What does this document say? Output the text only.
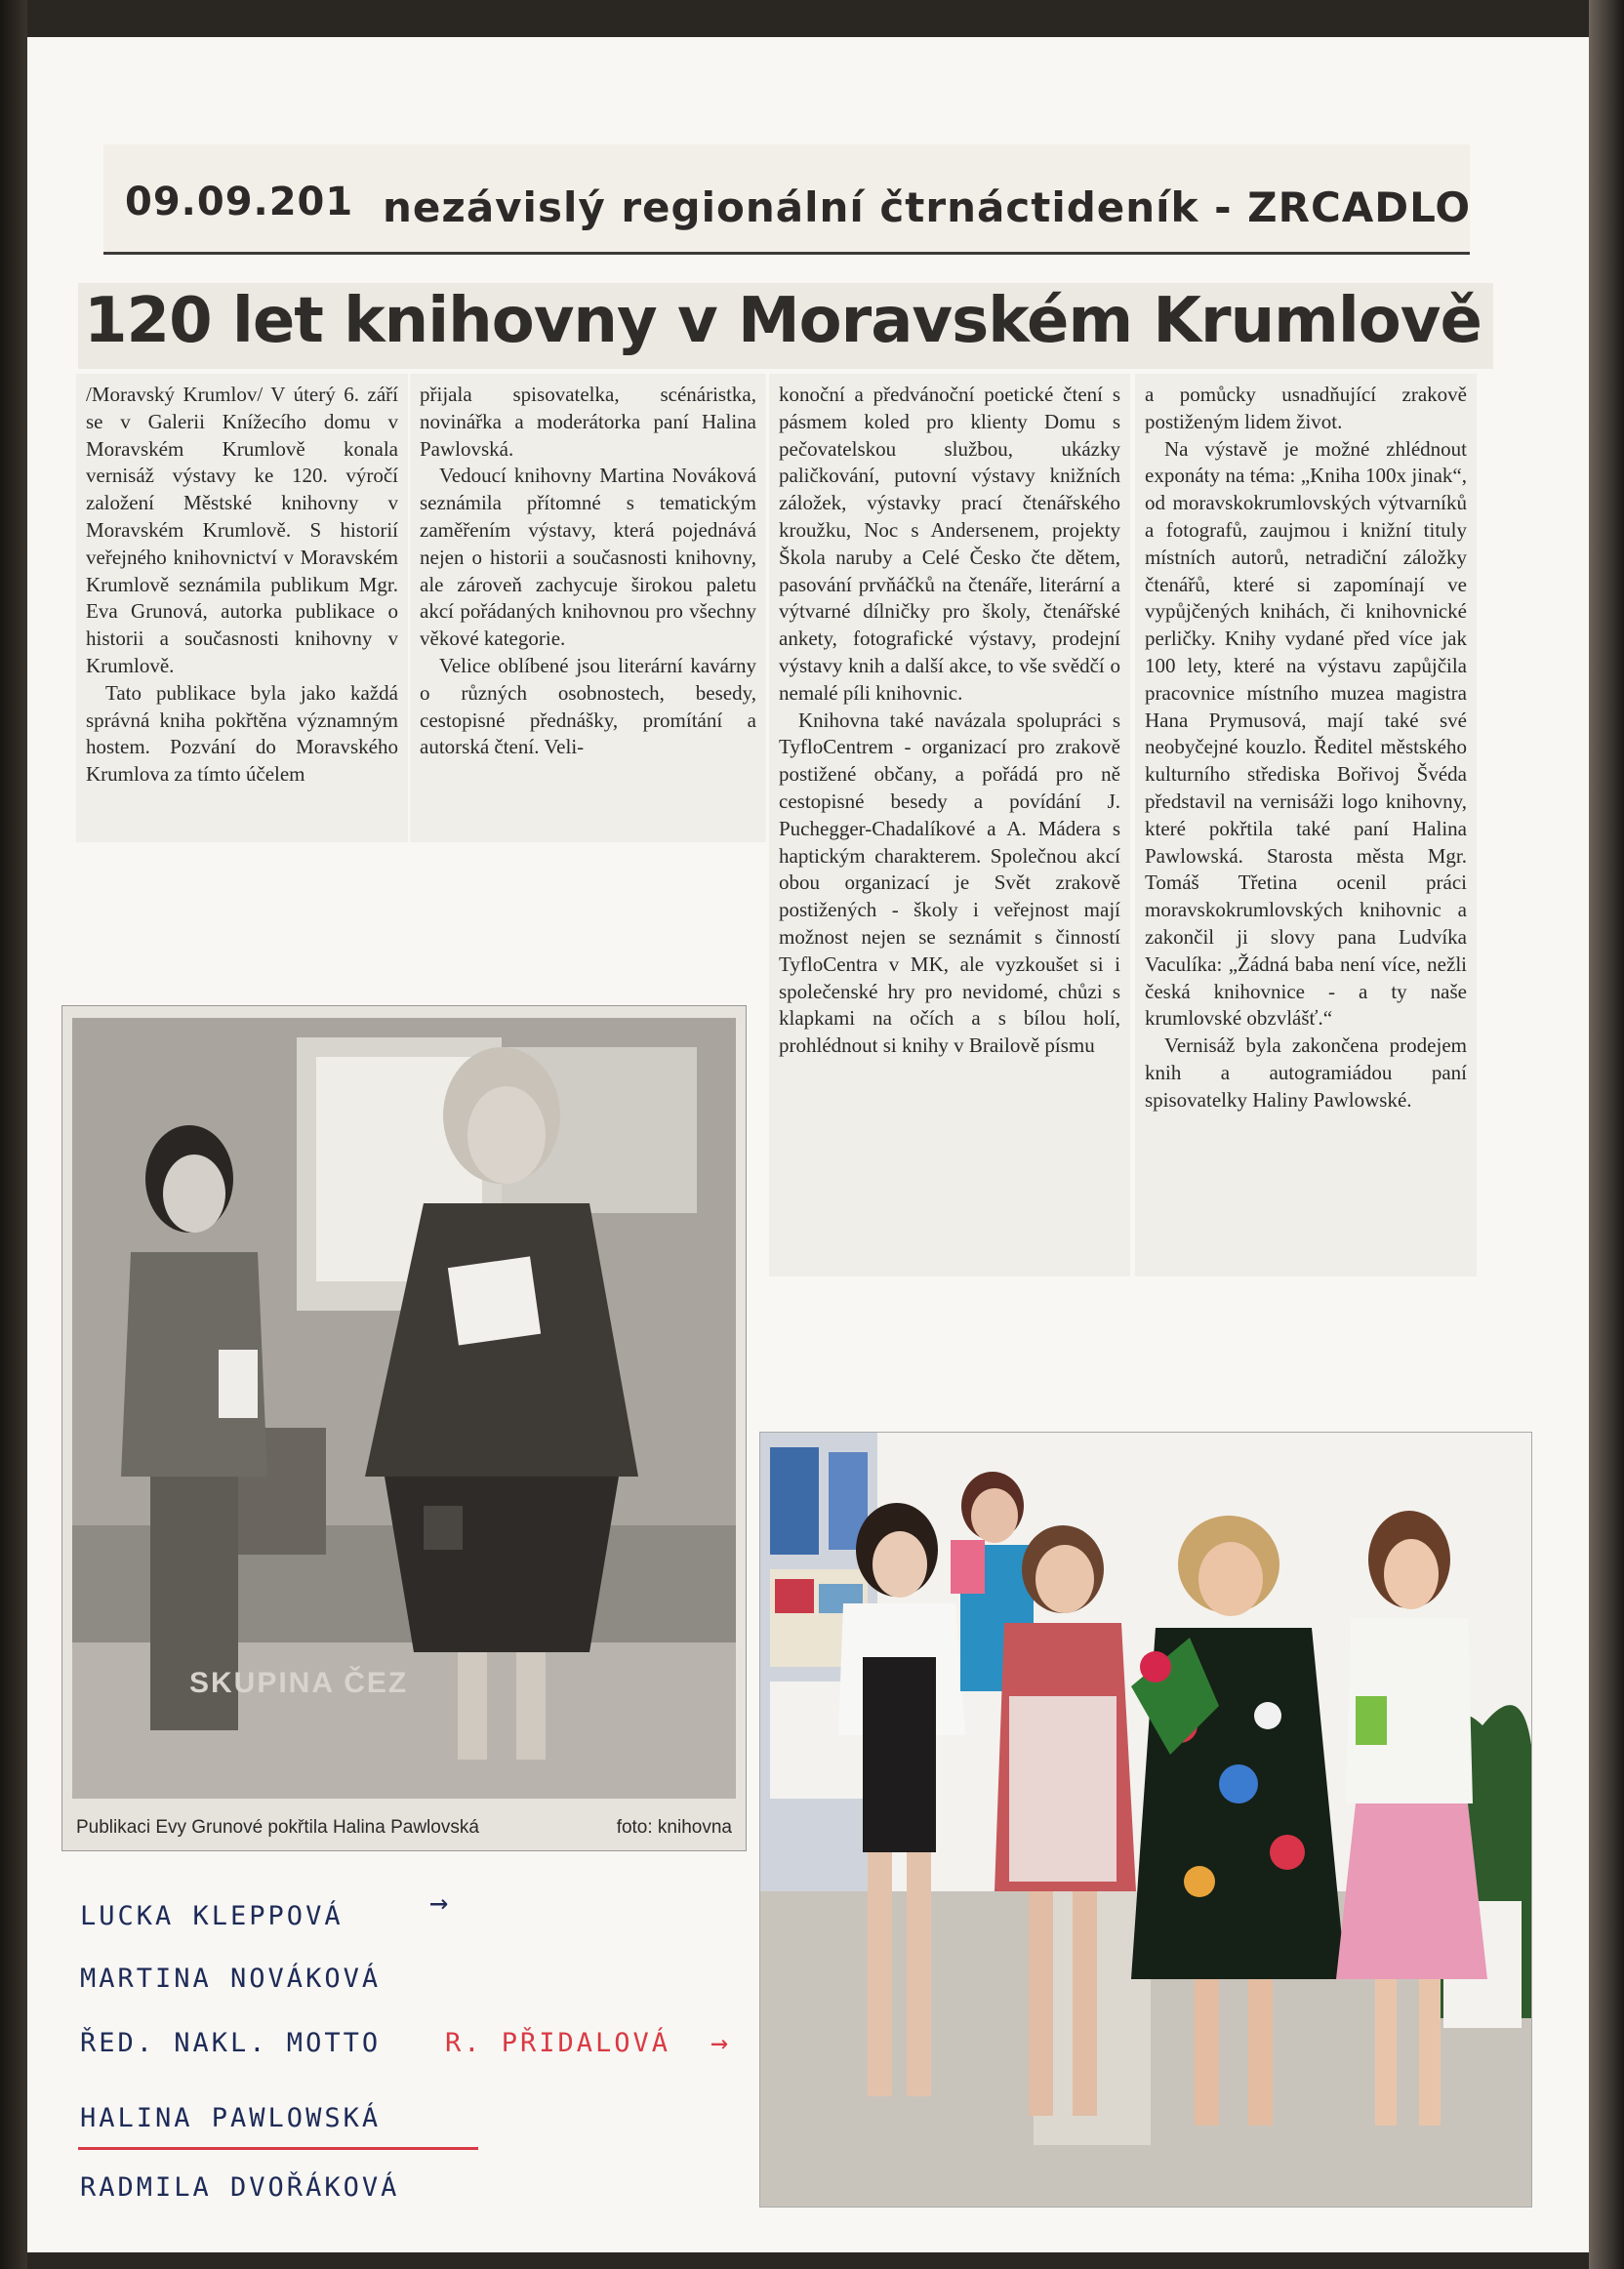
09.09.201 nezávislý regionální čtrnáctideník - ZRCADLO
120 let knihovny v Moravském Krumlově

/Moravský Krumlov/ V úterý 6. září se v Galerii Knížecího domu v Moravském Krumlově konala vernisáž výstavy ke 120. výročí založení Městské knihovny v Moravském Krumlově. S historií veřejného knihovnictví v Moravském Krumlově seznámila publikum Mgr. Eva Grunová, autorka publikace o historii a současnosti knihovny v Krumlově.

Tato publikace byla jako každá správná kniha pokřtěna významným hostem. Pozvání do Moravského Krumlova za tímto účelem

přijala spisovatelka, scénáristka, novinářka a moderátorka paní Halina Pawlovská.

Vedoucí knihovny Martina Nováková seznámila přítomné s tematickým zaměřením výstavy, která pojednává nejen o historii a současnosti knihovny, ale zároveň zachycuje širokou paletu akcí pořádaných knihovnou pro všechny věkové kategorie.

Velice oblíbené jsou literární kavárny o různých osobnostech, besedy, cestopisné přednášky, promítání a autorská čtení. Veli-

konoční a předvánoční poetické čtení s pásmem koled pro klienty Domu s pečovatelskou službou, ukázky paličkování, putovní výstavy knižních záložek, výstavky prací čtenářského kroužku, Noc s Andersenem, projekty Škola naruby a Celé Česko čte dětem, pasování prvňáčků na čtenáře, literární a výtvarné dílničky pro školy, čtenářské ankety, fotografické výstavy, prodejní výstavy knih a další akce, to vše svědčí o nemalé píli knihovnic.

Knihovna také navázala spolupráci s TyfloCentrem - organizací pro zrakově postižené občany, a pořádá pro ně cestopisné besedy a povídání J. Puchegger-Chadalíkové a A. Mádera s haptickým charakterem. Společnou akcí obou organizací je Svět zrakově postižených - školy i veřejnost mají možnost nejen se seznámit s činností TyfloCentra v MK, ale vyzkoušet si i společenské hry pro nevidomé, chůzi s klapkami na očích a s bílou holí, prohlédnout si knihy v Brailově písmu

a pomůcky usnadňující zrakově postiženým lidem život.

Na výstavě je možné zhlédnout exponáty na téma: „Kniha 100x jinak“, od moravskokrumlovských výtvarníků a fotografů, zaujmou i knižní tituly místních autorů, netradiční záložky čtenářů, které si zapomínají ve vypůjčených knihách, či knihovnické perličky. Knihy vydané před více jak 100 lety, které na výstavu zapůjčila pracovnice místního muzea magistra Hana Prymusová, mají také své neobyčejné kouzlo. Ředitel městského kulturního střediska Bořivoj Švéda představil na vernisáži logo knihovny, které pokřtila také paní Halina Pawlowská. Starosta města Mgr. Tomáš Třetina ocenil práci moravskokrumlovských knihovnic a zakončil ji slovy pana Ludvíka Vaculíka: „Žádná baba není více, nežli česká knihovnice - a ty naše krumlovské obzvlášť.“

Vernisáž byla zakončena prodejem knih a autogramiádou paní spisovatelky Haliny Pawlowské.

SKUPINA ČEZ
Publikaci Evy Grunové pokřtila Halina Pawlovská	foto: knihovna
LUCKA KLEPPOVÁ	→
MARTINA NOVÁKOVÁ
ŘED. NAKL. MOTTO R. PŘIDALOVÁ →
HALINA PAWLOWSKÁ
RADMILA DVOŘÁKOVÁ
